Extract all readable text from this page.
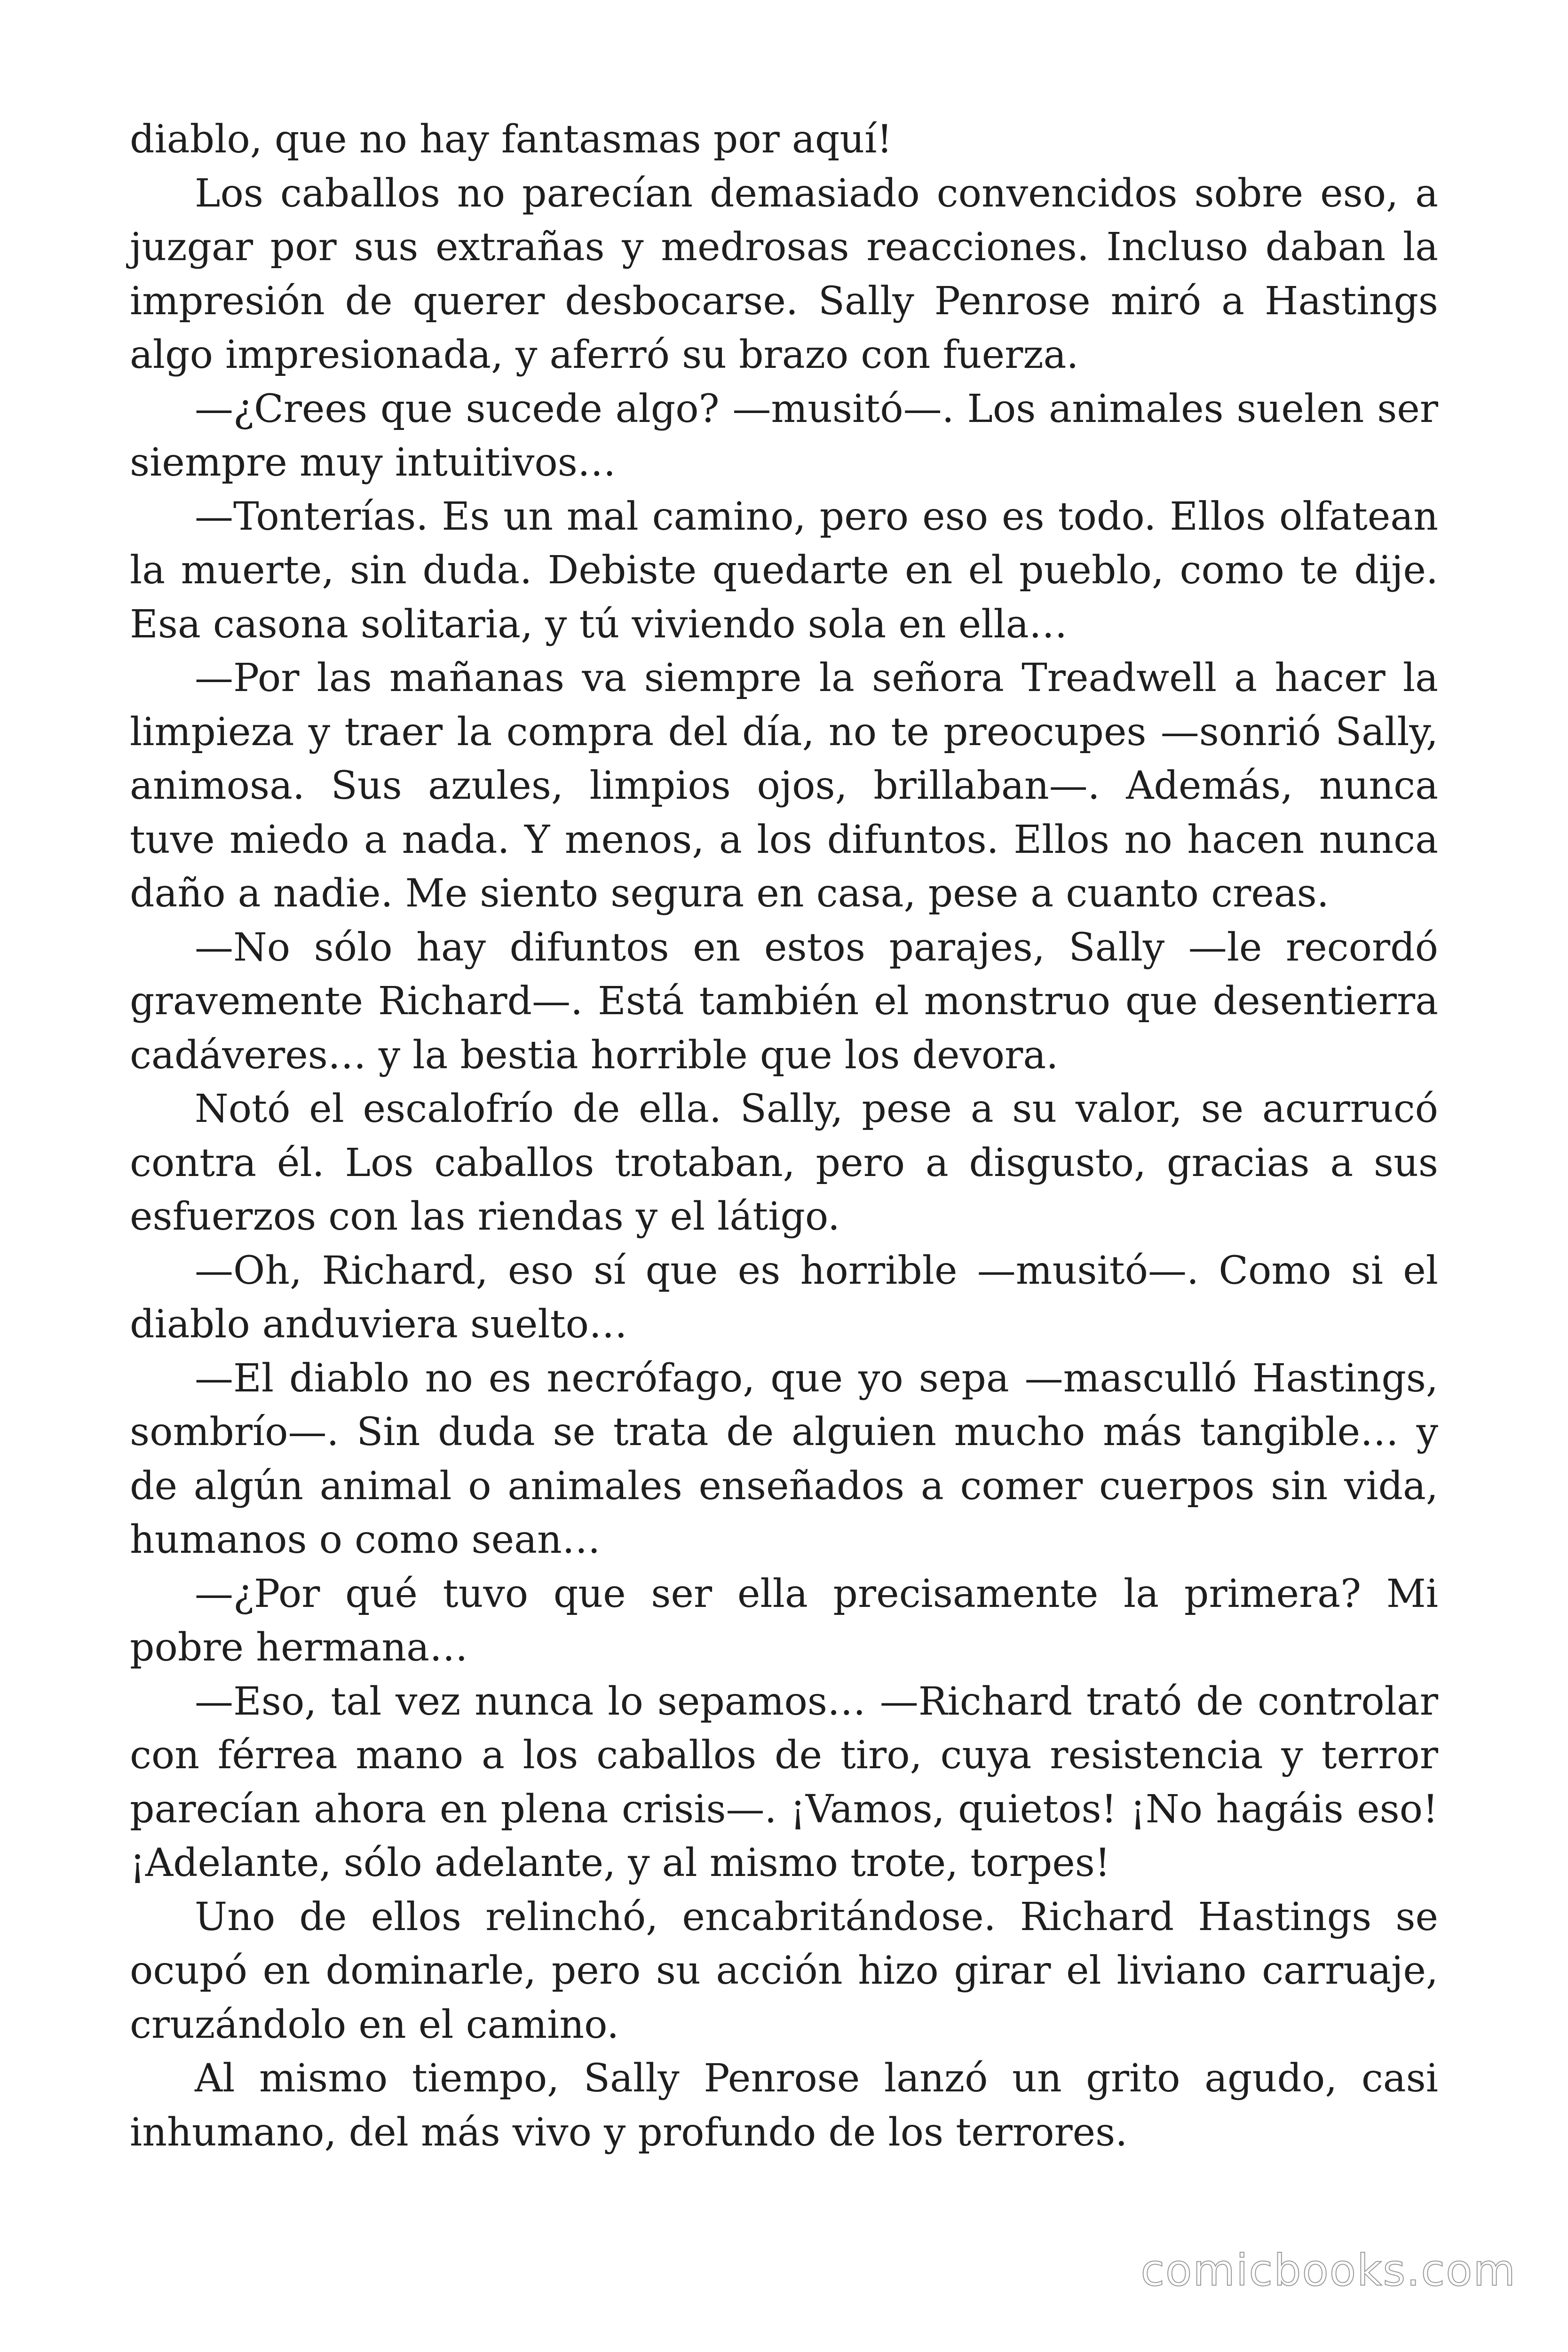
diablo, que no hay fantasmas por aquí!

Los caballos no parecían demasiado convencidos sobre eso, a juzgar por sus extrañas y medrosas reacciones. Incluso daban la impresión de querer desbocarse. Sally Penrose miró a Hastings algo impresionada, y aferró su brazo con fuerza.

—¿Crees que sucede algo? —musitó—. Los animales suelen ser siempre muy intuitivos…

—Tonterías. Es un mal camino, pero eso es todo. Ellos olfatean la muerte, sin duda. Debiste quedarte en el pueblo, como te dije. Esa casona solitaria, y tú viviendo sola en ella…

—Por las mañanas va siempre la señora Treadwell a hacer la limpieza y traer la compra del día, no te preocupes —sonrió Sally, animosa. Sus azules, limpios ojos, brillaban—. Además, nunca tuve miedo a nada. Y menos, a los difuntos. Ellos no hacen nunca daño a nadie. Me siento segura en casa, pese a cuanto creas.

—No sólo hay difuntos en estos parajes, Sally —le recordó gravemente Richard—. Está también el monstruo que desentierra cadáveres… y la bestia horrible que los devora.

Notó el escalofrío de ella. Sally, pese a su valor, se acurrucó contra él. Los caballos trotaban, pero a disgusto, gracias a sus esfuerzos con las riendas y el látigo.

—Oh, Richard, eso sí que es horrible —musitó—. Como si el diablo anduviera suelto…

—El diablo no es necrófago, que yo sepa —masculló Hastings, sombrío—. Sin duda se trata de alguien mucho más tangible… y de algún animal o animales enseñados a comer cuerpos sin vida, humanos o como sean…

—¿Por qué tuvo que ser ella precisamente la primera? Mi pobre hermana…

—Eso, tal vez nunca lo sepamos… —Richard trató de controlar con férrea mano a los caballos de tiro, cuya resistencia y terror parecían ahora en plena crisis—. ¡Vamos, quietos! ¡No hagáis eso! ¡Adelante, sólo adelante, y al mismo trote, torpes!

Uno de ellos relinchó, encabritándose. Richard Hastings se ocupó en dominarle, pero su acción hizo girar el liviano carruaje, cruzándolo en el camino.

Al mismo tiempo, Sally Penrose lanzó un grito agudo, casi inhumano, del más vivo y profundo de los terrores.

comicbooks.com
